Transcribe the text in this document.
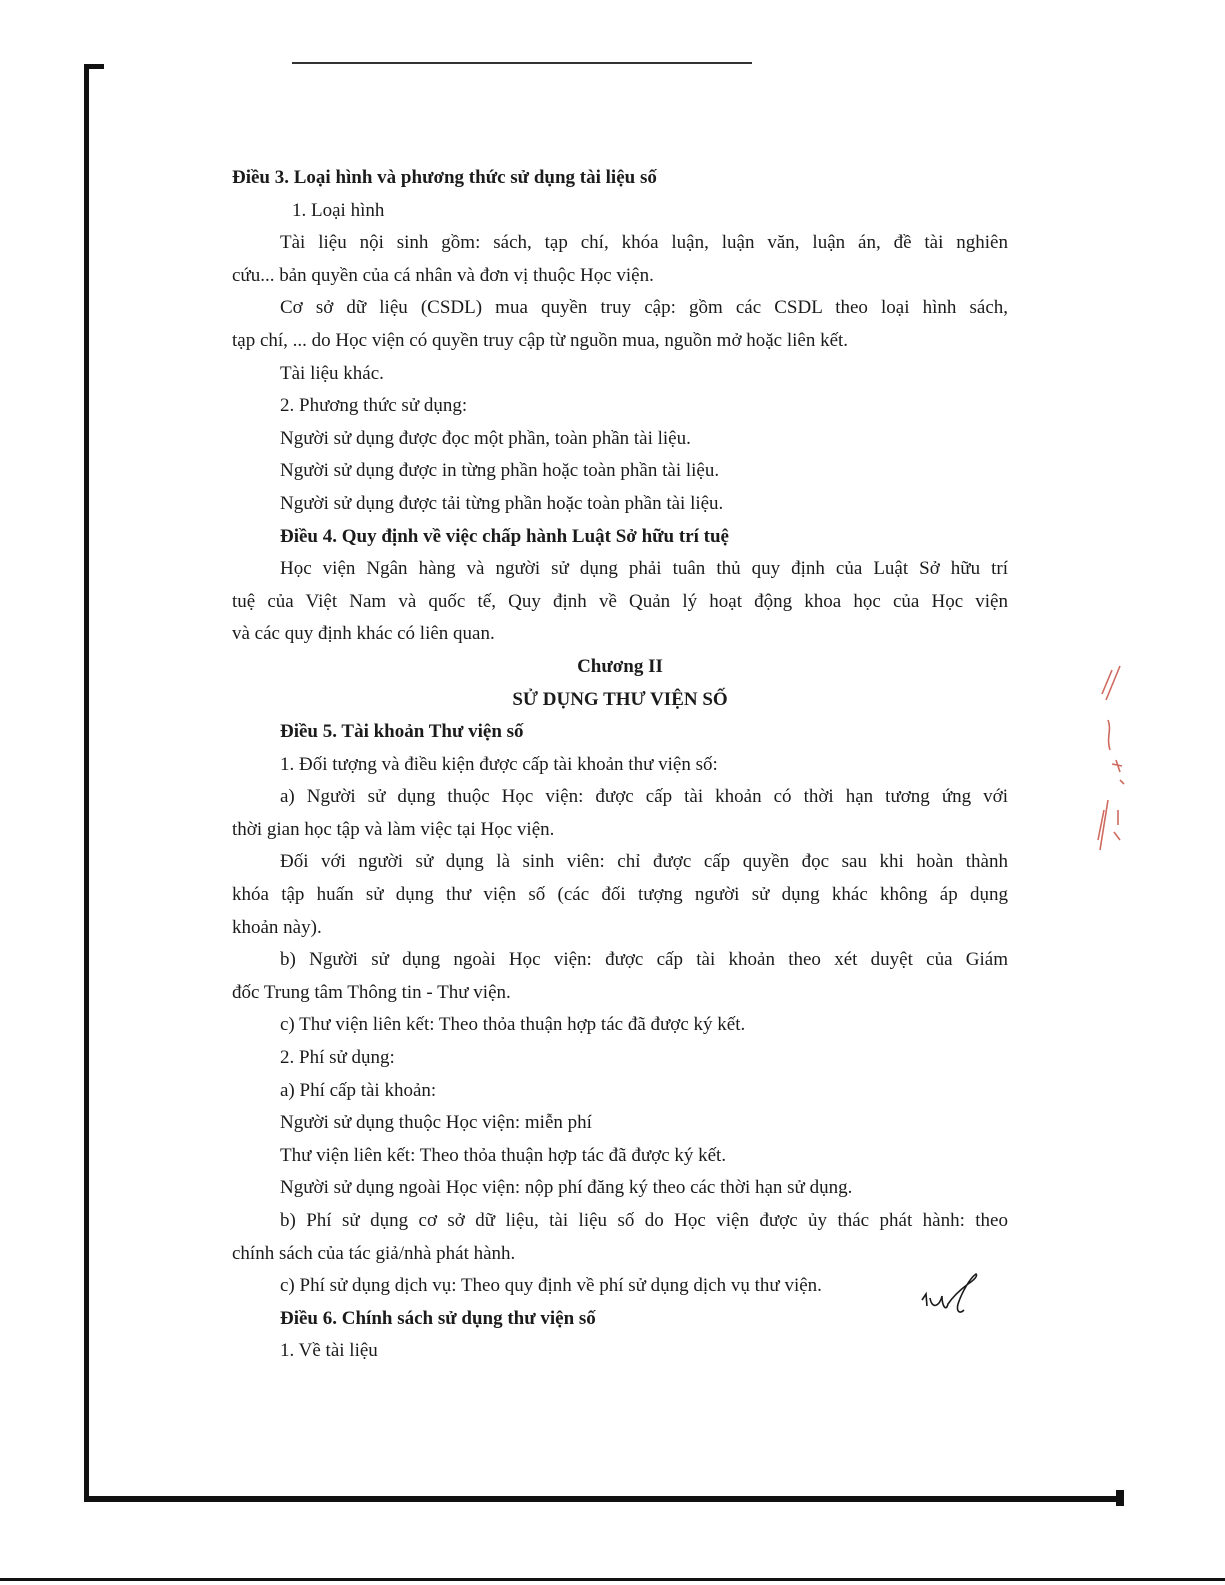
Điều 3. Loại hình và phương thức sử dụng tài liệu số
1. Loại hình
Tài liệu nội sinh gồm: sách, tạp chí, khóa luận, luận văn, luận án, đề tài nghiên
cứu... bản quyền của cá nhân và đơn vị thuộc Học viện.
Cơ sở dữ liệu (CSDL) mua quyền truy cập: gồm các CSDL theo loại hình sách,
tạp chí, ... do Học viện có quyền truy cập từ nguồn mua, nguồn mở hoặc liên kết.
Tài liệu khác.
2. Phương thức sử dụng:
Người sử dụng được đọc một phần, toàn phần tài liệu.
Người sử dụng được in từng phần hoặc toàn phần tài liệu.
Người sử dụng được tải từng phần hoặc toàn phần tài liệu.
Điều 4. Quy định về việc chấp hành Luật Sở hữu trí tuệ
Học viện Ngân hàng và người sử dụng phải tuân thủ quy định của Luật Sở hữu trí
tuệ của Việt Nam và quốc tế, Quy định về Quản lý hoạt động khoa học của Học viện
và các quy định khác có liên quan.
Chương II
SỬ DỤNG THƯ VIỆN SỐ
Điều 5. Tài khoản Thư viện số
1. Đối tượng và điều kiện được cấp tài khoản thư viện số:
a) Người sử dụng thuộc Học viện: được cấp tài khoản có thời hạn tương ứng với
thời gian học tập và làm việc tại Học viện.
Đối với người sử dụng là sinh viên: chỉ được cấp quyền đọc sau khi hoàn thành
khóa tập huấn sử dụng thư viện số (các đối tượng người sử dụng khác không áp dụng
khoản này).
b) Người sử dụng ngoài Học viện: được cấp tài khoản theo xét duyệt của Giám
đốc Trung tâm Thông tin - Thư viện.
c) Thư viện liên kết: Theo thỏa thuận hợp tác đã được ký kết.
2. Phí sử dụng:
a) Phí cấp tài khoản:
Người sử dụng thuộc Học viện: miễn phí
Thư viện liên kết: Theo thỏa thuận hợp tác đã được ký kết.
Người sử dụng ngoài Học viện: nộp phí đăng ký theo các thời hạn sử dụng.
b) Phí sử dụng cơ sở dữ liệu, tài liệu số do Học viện được ủy thác phát hành: theo
chính sách của tác giả/nhà phát hành.
c) Phí sử dụng dịch vụ: Theo quy định về phí sử dụng dịch vụ thư viện.
Điều 6. Chính sách sử dụng thư viện số
1. Về tài liệu
